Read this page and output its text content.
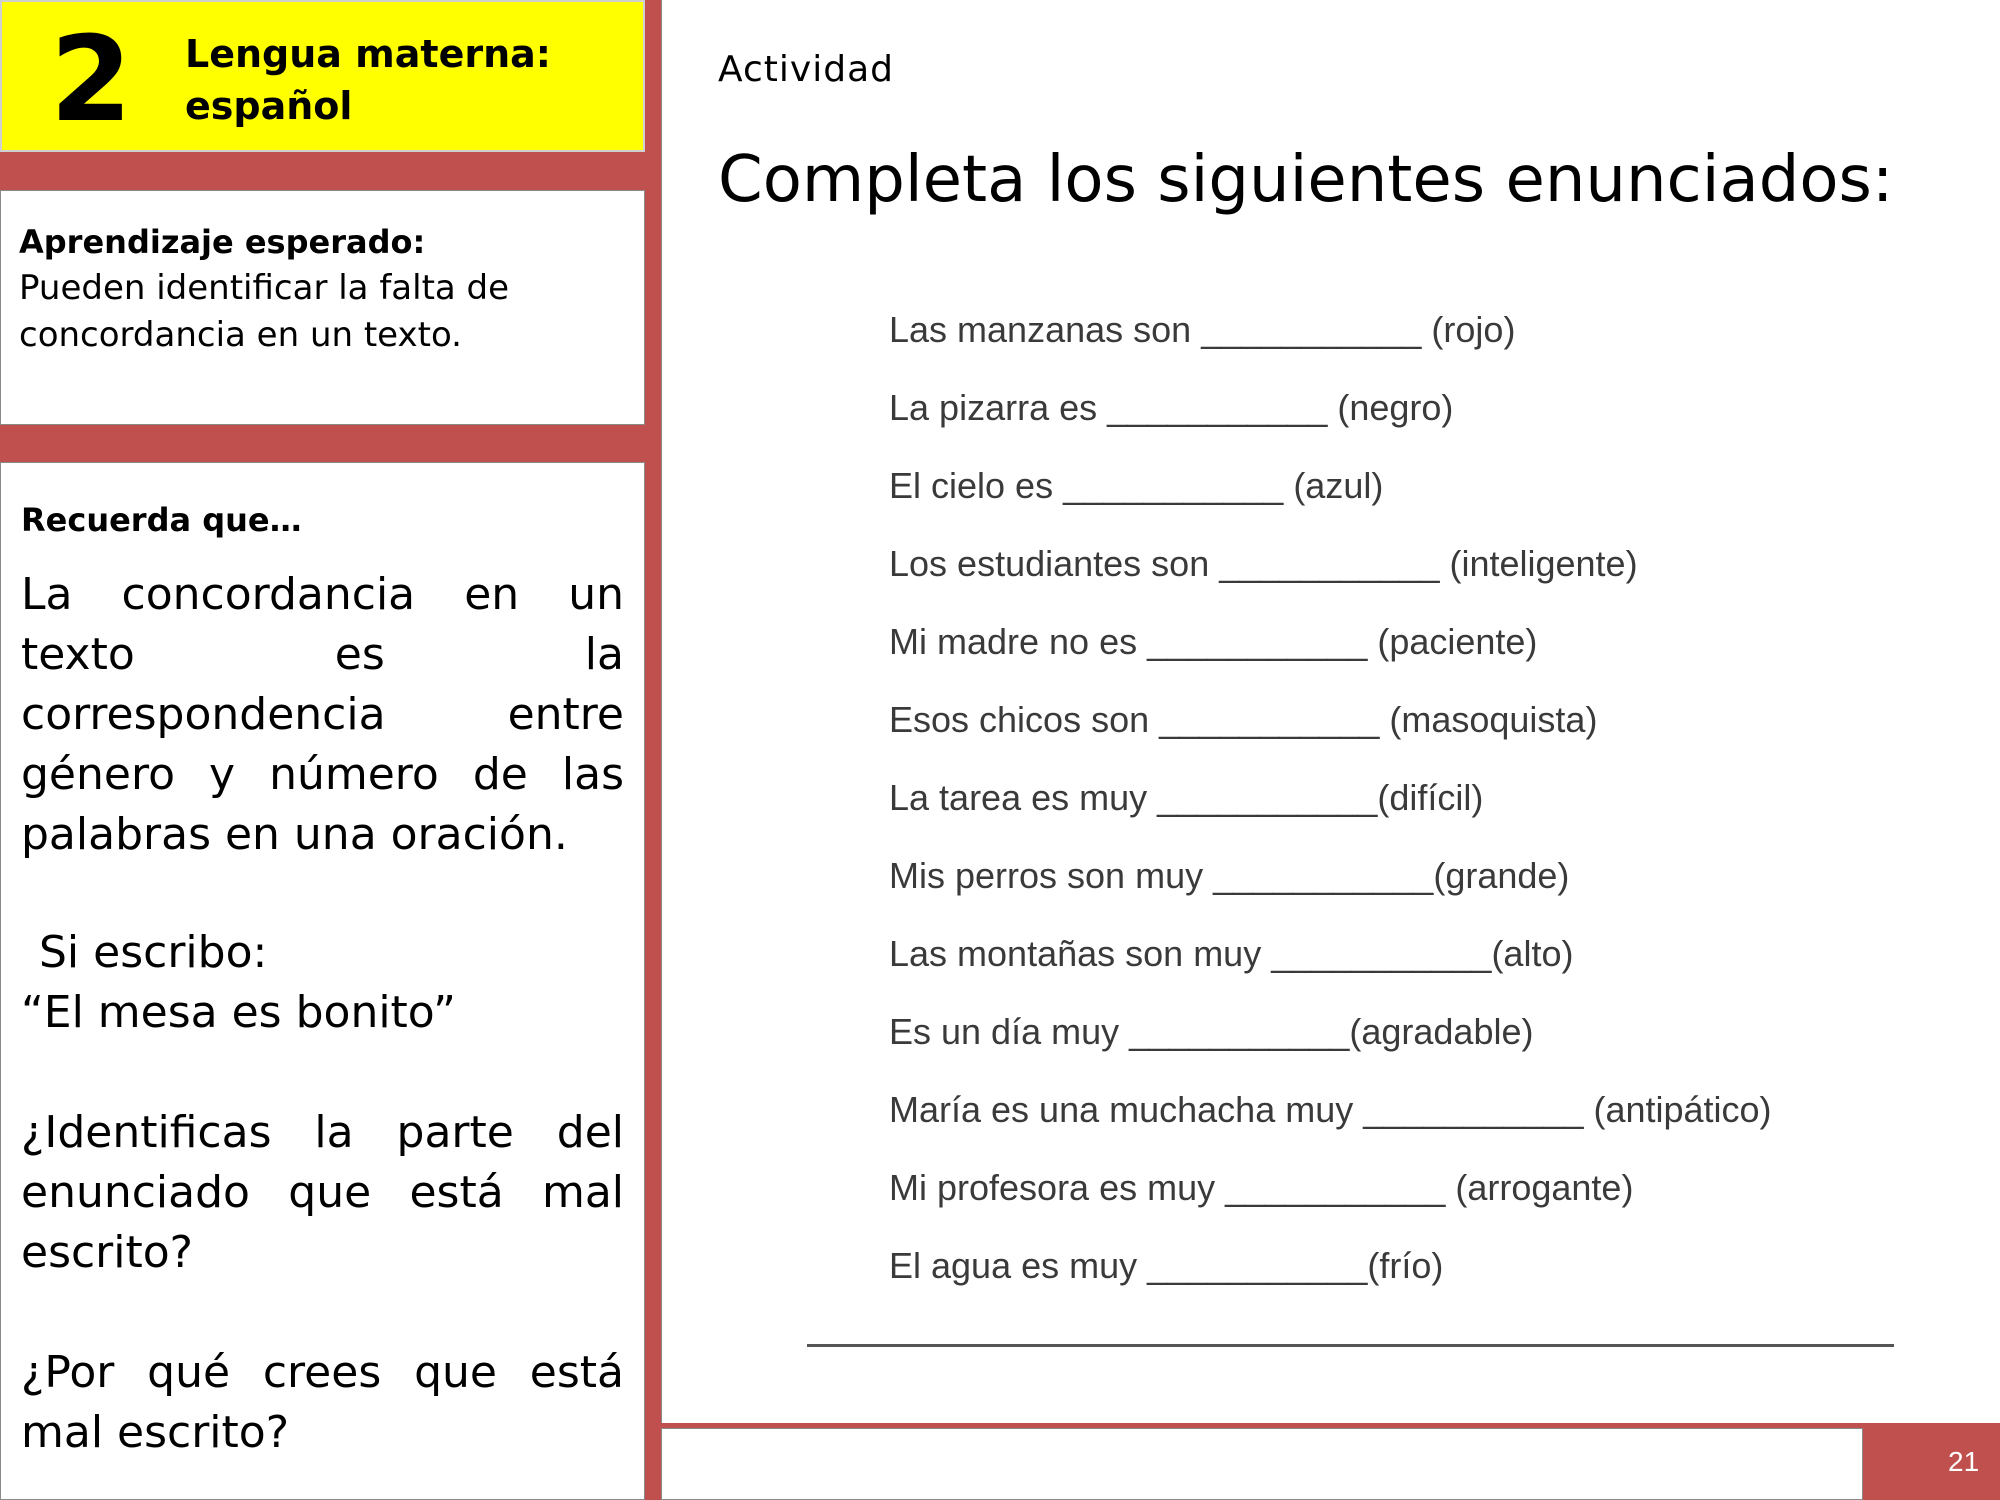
2 Lengua materna:
español
Aprendizaje esperado:
Pueden identificar la falta de concordancia en un texto.
Recuerda que…
La concordancia en un texto es la correspondencia entre género y número de las palabras en una oración.
Si escribo:
“El mesa es bonito”
¿Identificas la parte del enunciado que está mal escrito?
¿Por qué crees que está mal escrito?
Actividad
Completa los siguientes enunciados:
Las manzanas son ___________ (rojo)
La pizarra es ___________ (negro)
El cielo es ___________ (azul)
Los estudiantes son ___________ (inteligente)
Mi madre no es ___________ (paciente)
Esos chicos son ___________ (masoquista)
La tarea es muy ___________(difícil)
Mis perros son muy ___________(grande)
Las montañas son muy ___________(alto)
Es un día muy ___________(agradable)
María es una muchacha muy ___________ (antipático)
Mi profesora es muy ___________ (arrogante)
El agua es muy ___________(frío)
21
